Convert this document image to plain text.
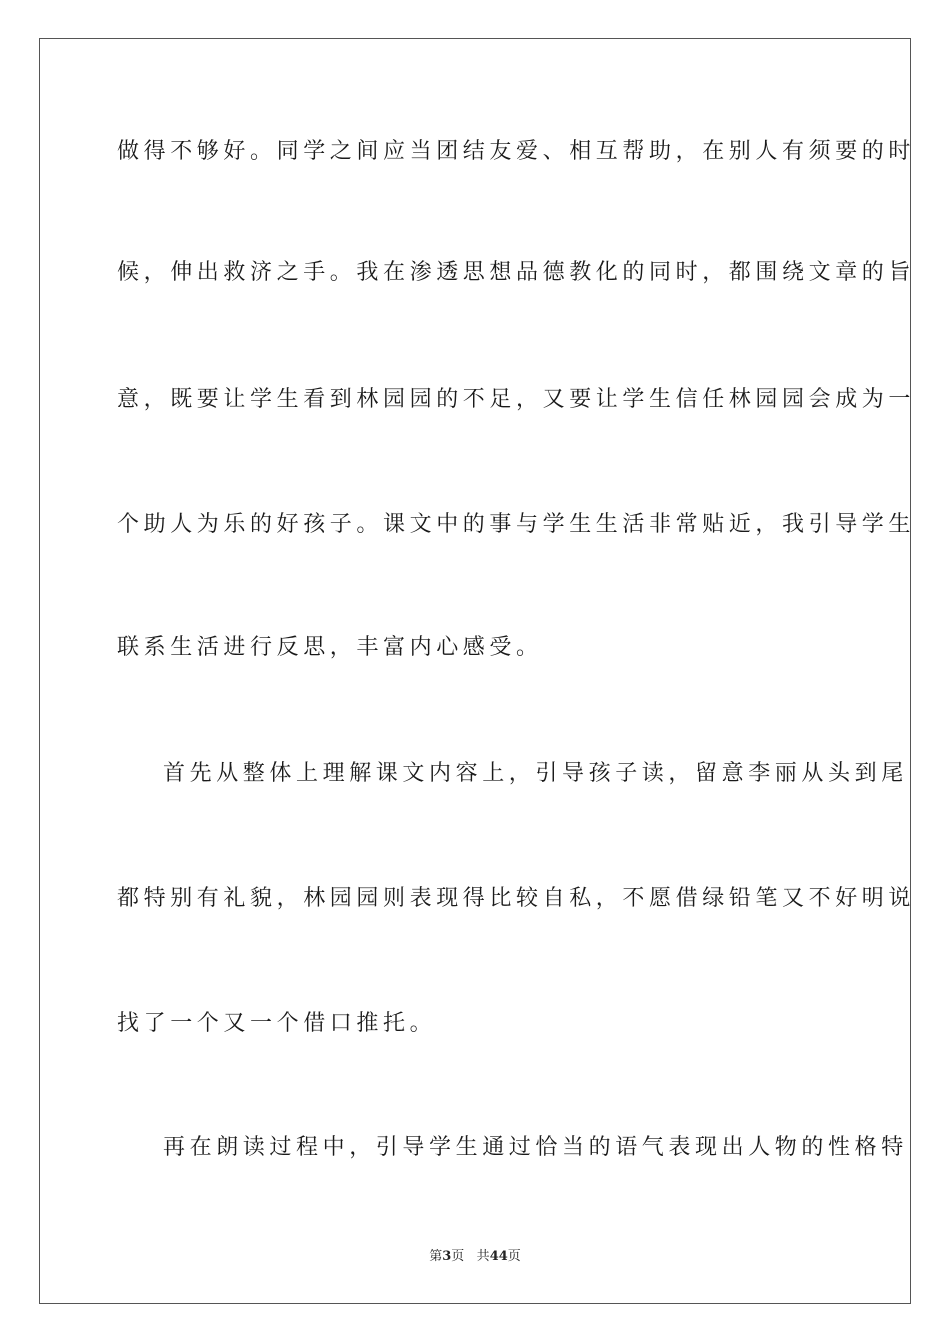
做得不够好。同学之间应当团结友爱、相互帮助，在别人有须要的时
候，伸出救济之手。我在渗透思想品德教化的同时，都围绕文章的旨
意，既要让学生看到林园园的不足，又要让学生信任林园园会成为一
个助人为乐的好孩子。课文中的事与学生生活非常贴近，我引导学生
联系生活进行反思，丰富内心感受。
首先从整体上理解课文内容上，引导孩子读，留意李丽从头到尾
都特别有礼貌，林园园则表现得比较自私，不愿借绿铅笔又不好明说
找了一个又一个借口推托。
再在朗读过程中，引导学生通过恰当的语气表现出人物的性格特
第3页 共44页
